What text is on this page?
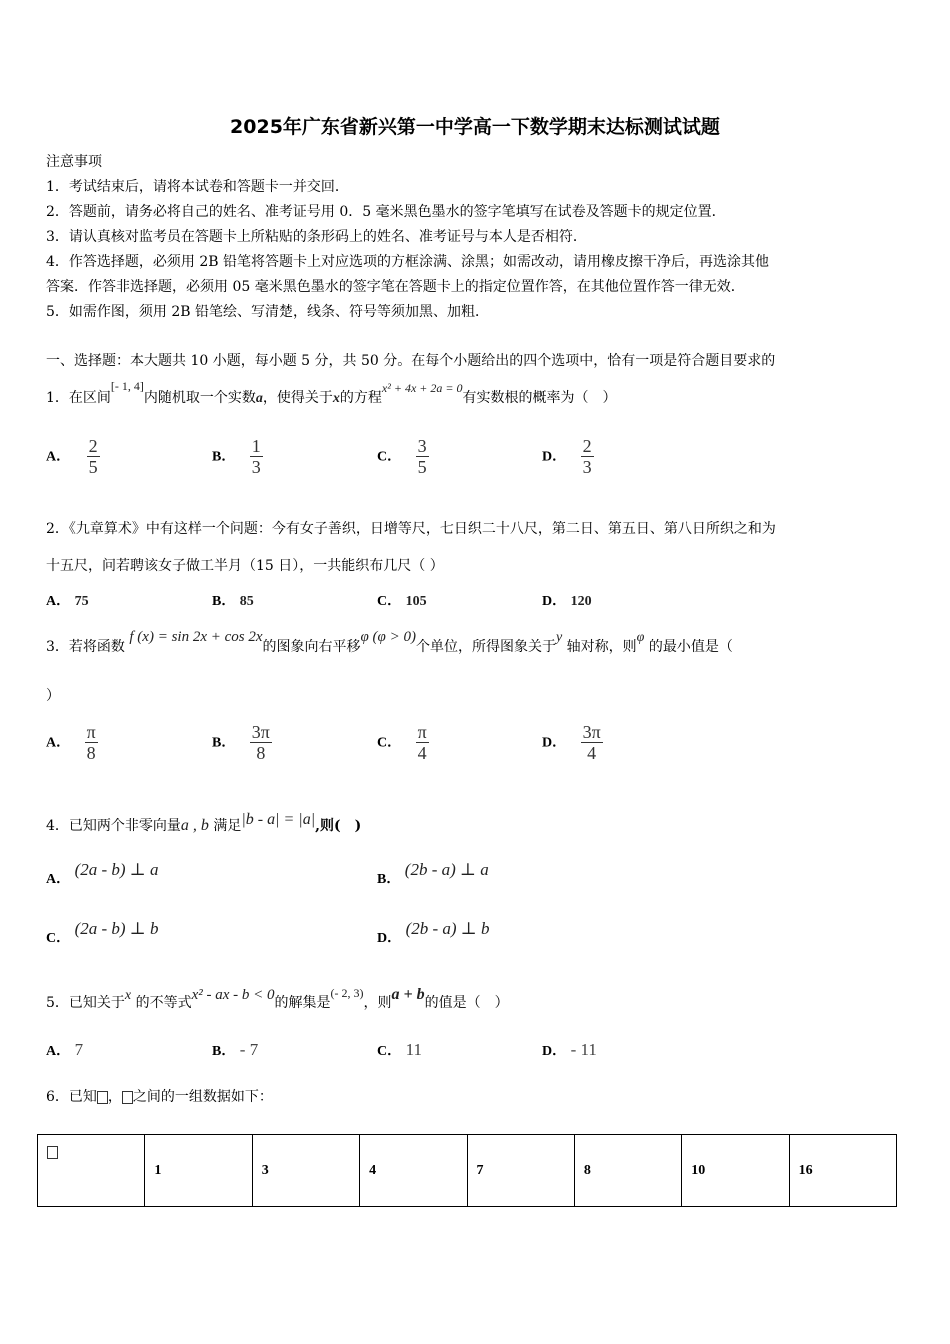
2025年广东省新兴第一中学高一下数学期末达标测试试题
注意事项
1．考试结束后，请将本试卷和答题卡一并交回．
2．答题前，请务必将自己的姓名、准考证号用 0．5 毫米黑色墨水的签字笔填写在试卷及答题卡的规定位置．
3．请认真核对监考员在答题卡上所粘贴的条形码上的姓名、准考证号与本人是否相符．
4．作答选择题，必须用 2B 铅笔将答题卡上对应选项的方框涂满、涂黑；如需改动，请用橡皮擦干净后，再选涂其他
答案．作答非选择题，必须用 05 毫米黑色墨水的签字笔在答题卡上的指定位置作答，在其他位置作答一律无效．
5．如需作图，须用 2B 铅笔绘、写清楚，线条、符号等须加黑、加粗．
一、选择题：本大题共 10 小题，每小题 5 分，共 50 分。在每个小题给出的四个选项中，恰有一项是符合题目要求的
1．在区间[- 1, 4]内随机取一个实数a，使得关于x的方程x² + 4x + 2a = 0有实数根的概率为（　）
A． $\frac{2}{5}$	B． $\frac{1}{3}$	C． $\frac{3}{5}$	D． $\frac{2}{3}$
2．《九章算术》中有这样一个问题：今有女子善织，日增等尺，七日织二十八尺，第二日、第五日、第八日所织之和为
十五尺，问若聘该女子做工半月（15 日），一共能织布几尺（ ）
A． 75	B． 85	C． 105	D． 120
3．若将函数 f (x) = sin 2x + cos 2x的图象向右平移φ (φ > 0)个单位，所得图象关于y 轴对称，则φ 的最小值是（
）
A． $\frac{\pi}{8}$	B． $\frac{3\pi}{8}$	C． $\frac{\pi}{4}$	D． $\frac{3\pi}{4}$
4．已知两个非零向量a , b 满足|b - a| = |a|,则(　)
A． (2a - b) ⊥ a
B． (2b - a) ⊥ a
C． (2a - b) ⊥ b
D． (2b - a) ⊥ b
5．已知关于x 的不等式x² - ax - b < 0的解集是(- 2, 3)，则a + b的值是（　）
A． 7	B． - 7	C． 11	D． - 11
6．已知 ， 之间的一组数据如下：
	1	3	4	7	8	10	16
